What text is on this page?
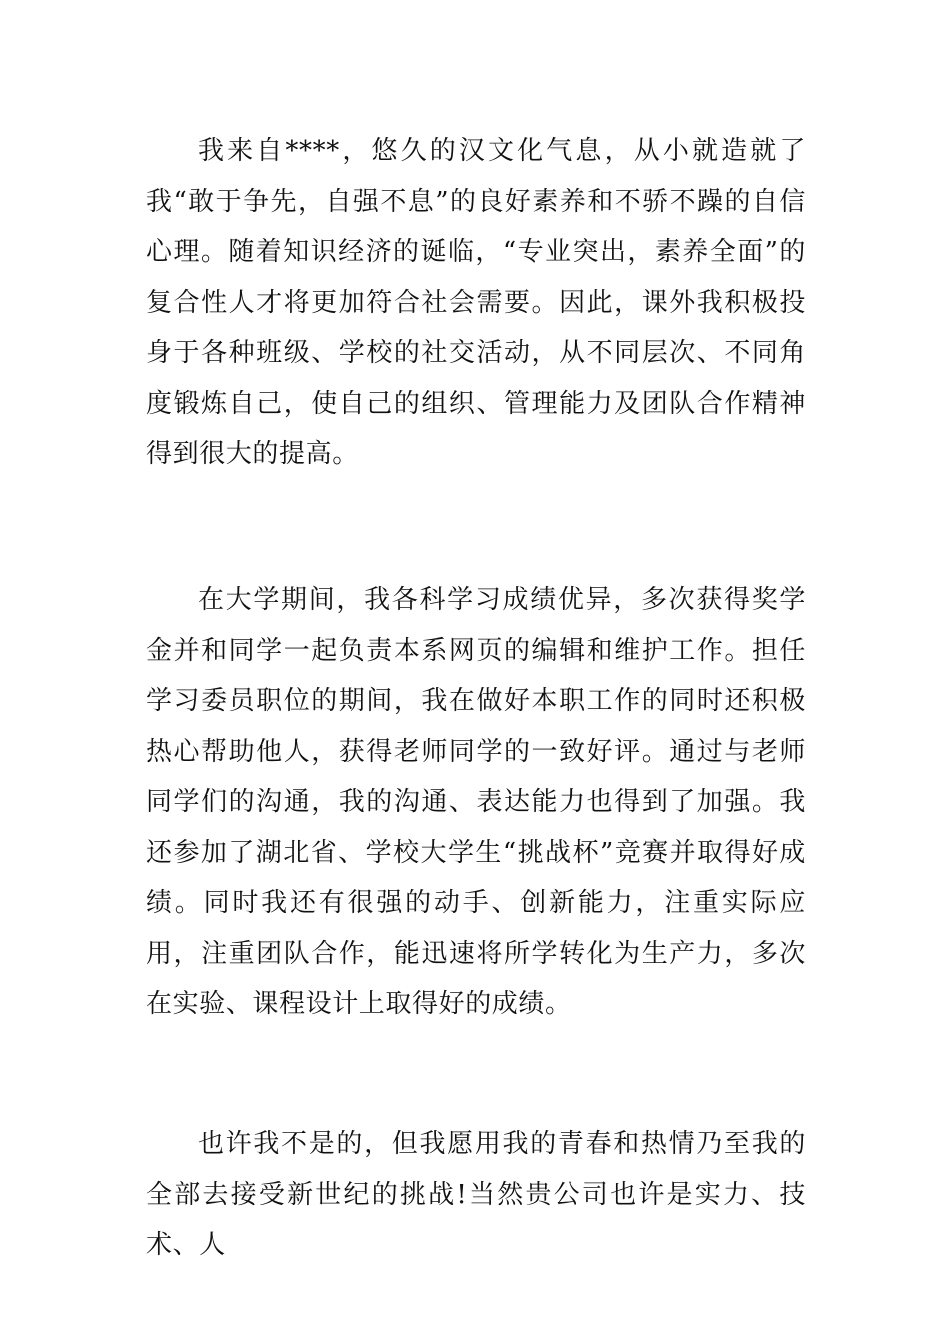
我来自****，悠久的汉文化气息，从小就造就了我“敢于争先，自强不息”的良好素养和不骄不躁的自信心理。随着知识经济的诞临，“专业突出，素养全面”的复合性人才将更加符合社会需要。因此，课外我积极投身于各种班级、学校的社交活动，从不同层次、不同角度锻炼自己，使自己的组织、管理能力及团队合作精神得到很大的提高。

在大学期间，我各科学习成绩优异，多次获得奖学金并和同学一起负责本系网页的编辑和维护工作。担任学习委员职位的期间，我在做好本职工作的同时还积极热心帮助他人，获得老师同学的一致好评。通过与老师同学们的沟通，我的沟通、表达能力也得到了加强。我还参加了湖北省、学校大学生“挑战杯”竞赛并取得好成绩。同时我还有很强的动手、创新能力，注重实际应用，注重团队合作，能迅速将所学转化为生产力，多次在实验、课程设计上取得好的成绩。

也许我不是的，但我愿用我的青春和热情乃至我的全部去接受新世纪的挑战!当然贵公司也许是实力、技术、人
